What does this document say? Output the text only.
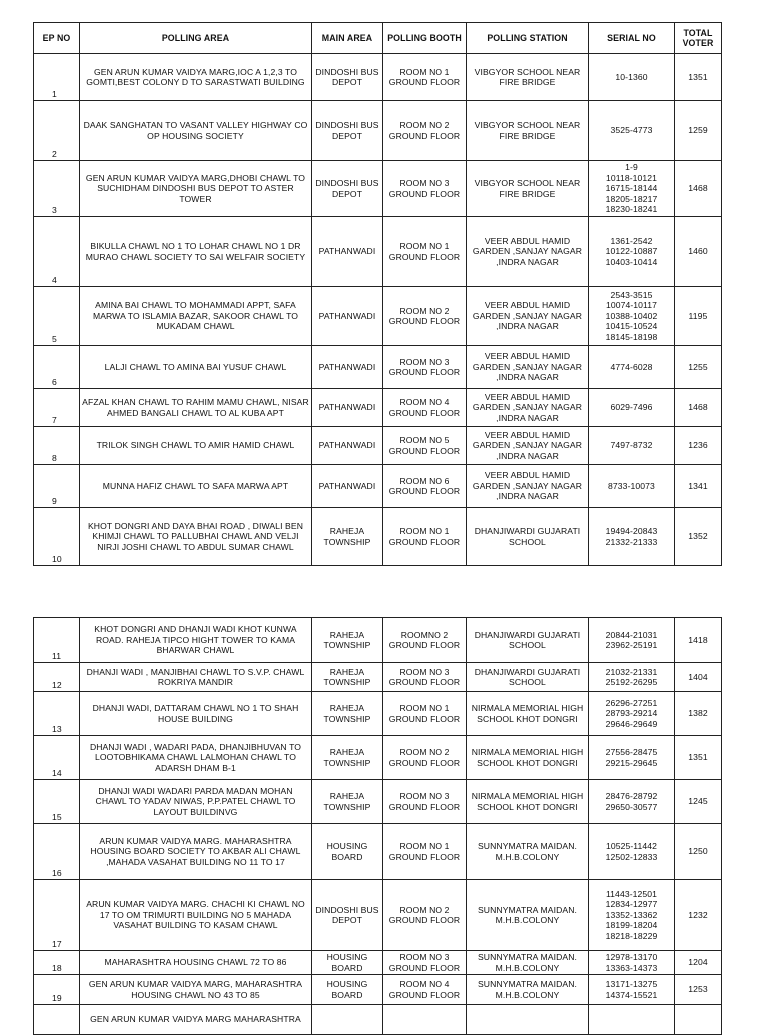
EP NO	POLLING AREA	MAIN AREA	POLLING BOOTH	POLLING STATION	SERIAL NO	TOTAL
VOTER
1	GEN ARUN KUMAR VAIDYA MARG,IOC A 1,2,3 TO GOMTI,BEST COLONY D TO SARASTWATI BUILDING	DINDOSHI BUS DEPOT	ROOM NO 1 GROUND FLOOR	VIBGYOR SCHOOL NEAR FIRE BRIDGE	10-1360	1351
2	DAAK SANGHATAN TO VASANT VALLEY HIGHWAY CO OP HOUSING SOCIETY	DINDOSHI BUS DEPOT	ROOM NO 2 GROUND FLOOR	VIBGYOR SCHOOL NEAR FIRE BRIDGE	3525-4773	1259
3	GEN ARUN KUMAR VAIDYA MARG,DHOBI CHAWL TO SUCHIDHAM DINDOSHI BUS DEPOT TO ASTER TOWER	DINDOSHI BUS DEPOT	ROOM NO 3 GROUND FLOOR	VIBGYOR SCHOOL NEAR FIRE BRIDGE	1-9
10118-10121
16715-18144
18205-18217
18230-18241	1468
4	BIKULLA CHAWL NO 1 TO LOHAR CHAWL NO 1 DR MURAO CHAWL SOCIETY TO SAI WELFAIR SOCIETY	PATHANWADI	ROOM NO 1 GROUND FLOOR	VEER ABDUL HAMID GARDEN ,SANJAY NAGAR ,INDRA NAGAR	1361-2542
10122-10887
10403-10414	1460
5	AMINA BAI CHAWL TO MOHAMMADI APPT, SAFA MARWA TO ISLAMIA BAZAR, SAKOOR CHAWL TO MUKADAM CHAWL	PATHANWADI	ROOM NO 2 GROUND FLOOR	VEER ABDUL HAMID GARDEN ,SANJAY NAGAR ,INDRA NAGAR	2543-3515
10074-10117
10388-10402
10415-10524
18145-18198	1195
6	LALJI CHAWL TO AMINA BAI YUSUF CHAWL	PATHANWADI	ROOM NO 3 GROUND FLOOR	VEER ABDUL HAMID GARDEN ,SANJAY NAGAR ,INDRA NAGAR	4774-6028	1255
7	AFZAL KHAN CHAWL TO RAHIM MAMU CHAWL, NISAR AHMED BANGALI CHAWL TO AL KUBA APT	PATHANWADI	ROOM NO 4 GROUND FLOOR	VEER ABDUL HAMID GARDEN ,SANJAY NAGAR ,INDRA NAGAR	6029-7496	1468
8	TRILOK SINGH CHAWL TO AMIR HAMID CHAWL	PATHANWADI	ROOM NO 5 GROUND FLOOR	VEER ABDUL HAMID GARDEN ,SANJAY NAGAR ,INDRA NAGAR	7497-8732	1236
9	MUNNA HAFIZ CHAWL TO SAFA MARWA APT	PATHANWADI	ROOM NO 6 GROUND FLOOR	VEER ABDUL HAMID GARDEN ,SANJAY NAGAR ,INDRA NAGAR	8733-10073	1341
10	KHOT DONGRI AND DAYA BHAI ROAD , DIWALI BEN KHIMJI CHAWL TO PALLUBHAI CHAWL AND VELJI NIRJI JOSHI CHAWL TO ABDUL SUMAR CHAWL	RAHEJA TOWNSHIP	ROOM NO 1 GROUND FLOOR	DHANJIWARDI GUJARATI SCHOOL	19494-20843
21332-21333	1352
11	KHOT DONGRI AND DHANJI WADI KHOT KUNWA ROAD. RAHEJA TIPCO HIGHT TOWER TO KAMA BHARWAR CHAWL	RAHEJA TOWNSHIP	ROOMNO 2 GROUND FLOOR	DHANJIWARDI GUJARATI SCHOOL	20844-21031
23962-25191	1418
12	DHANJI WADI , MANJIBHAI CHAWL TO S.V.P. CHAWL ROKRIYA MANDIR	RAHEJA TOWNSHIP	ROOM NO 3 GROUND FLOOR	DHANJIWARDI GUJARATI SCHOOL	21032-21331
25192-26295	1404
13	DHANJI WADI, DATTARAM CHAWL NO 1 TO SHAH HOUSE BUILDING	RAHEJA TOWNSHIP	ROOM NO 1 GROUND FLOOR	NIRMALA MEMORIAL HIGH SCHOOL KHOT DONGRI	26296-27251
28793-29214
29646-29649	1382
14	DHANJI WADI , WADARI PADA, DHANJIBHUVAN TO LOOTOBHIKAMA CHAWL LALMOHAN CHAWL TO ADARSH DHAM B-1	RAHEJA TOWNSHIP	ROOM NO 2 GROUND FLOOR	NIRMALA MEMORIAL HIGH SCHOOL KHOT DONGRI	27556-28475
29215-29645	1351
15	DHANJI WADI WADARI PARDA MADAN MOHAN CHAWL TO YADAV NIWAS, P.P.PATEL CHAWL TO LAYOUT BUILDINVG	RAHEJA TOWNSHIP	ROOM NO 3 GROUND FLOOR	NIRMALA MEMORIAL HIGH SCHOOL KHOT DONGRI	28476-28792
29650-30577	1245
16	ARUN KUMAR VAIDYA MARG. MAHARASHTRA HOUSING BOARD SOCIETY TO AKBAR ALI CHAWL ,MAHADA VASAHAT BUILDING NO 11 TO 17	HOUSING BOARD	ROOM NO 1 GROUND FLOOR	SUNNYMATRA MAIDAN. M.H.B.COLONY	10525-11442
12502-12833	1250
17	ARUN KUMAR VAIDYA MARG. CHACHI KI CHAWL NO 17 TO OM TRIMURTI BUILDING NO 5 MAHADA VASAHAT BUILDING TO KASAM CHAWL	DINDOSHI BUS DEPOT	ROOM NO 2 GROUND FLOOR	SUNNYMATRA MAIDAN. M.H.B.COLONY	11443-12501
12834-12977
13352-13362
18199-18204
18218-18229	1232
18	MAHARASHTRA HOUSING CHAWL 72 TO 86	HOUSING BOARD	ROOM NO 3 GROUND FLOOR	SUNNYMATRA MAIDAN. M.H.B.COLONY	12978-13170
13363-14373	1204
19	GEN ARUN KUMAR VAIDYA MARG, MAHARASHTRA HOUSING CHAWL NO 43 TO 85	HOUSING BOARD	ROOM NO 4 GROUND FLOOR	SUNNYMATRA MAIDAN. M.H.B.COLONY	13171-13275
14374-15521	1253
	GEN ARUN KUMAR VAIDYA MARG MAHARASHTRA					
